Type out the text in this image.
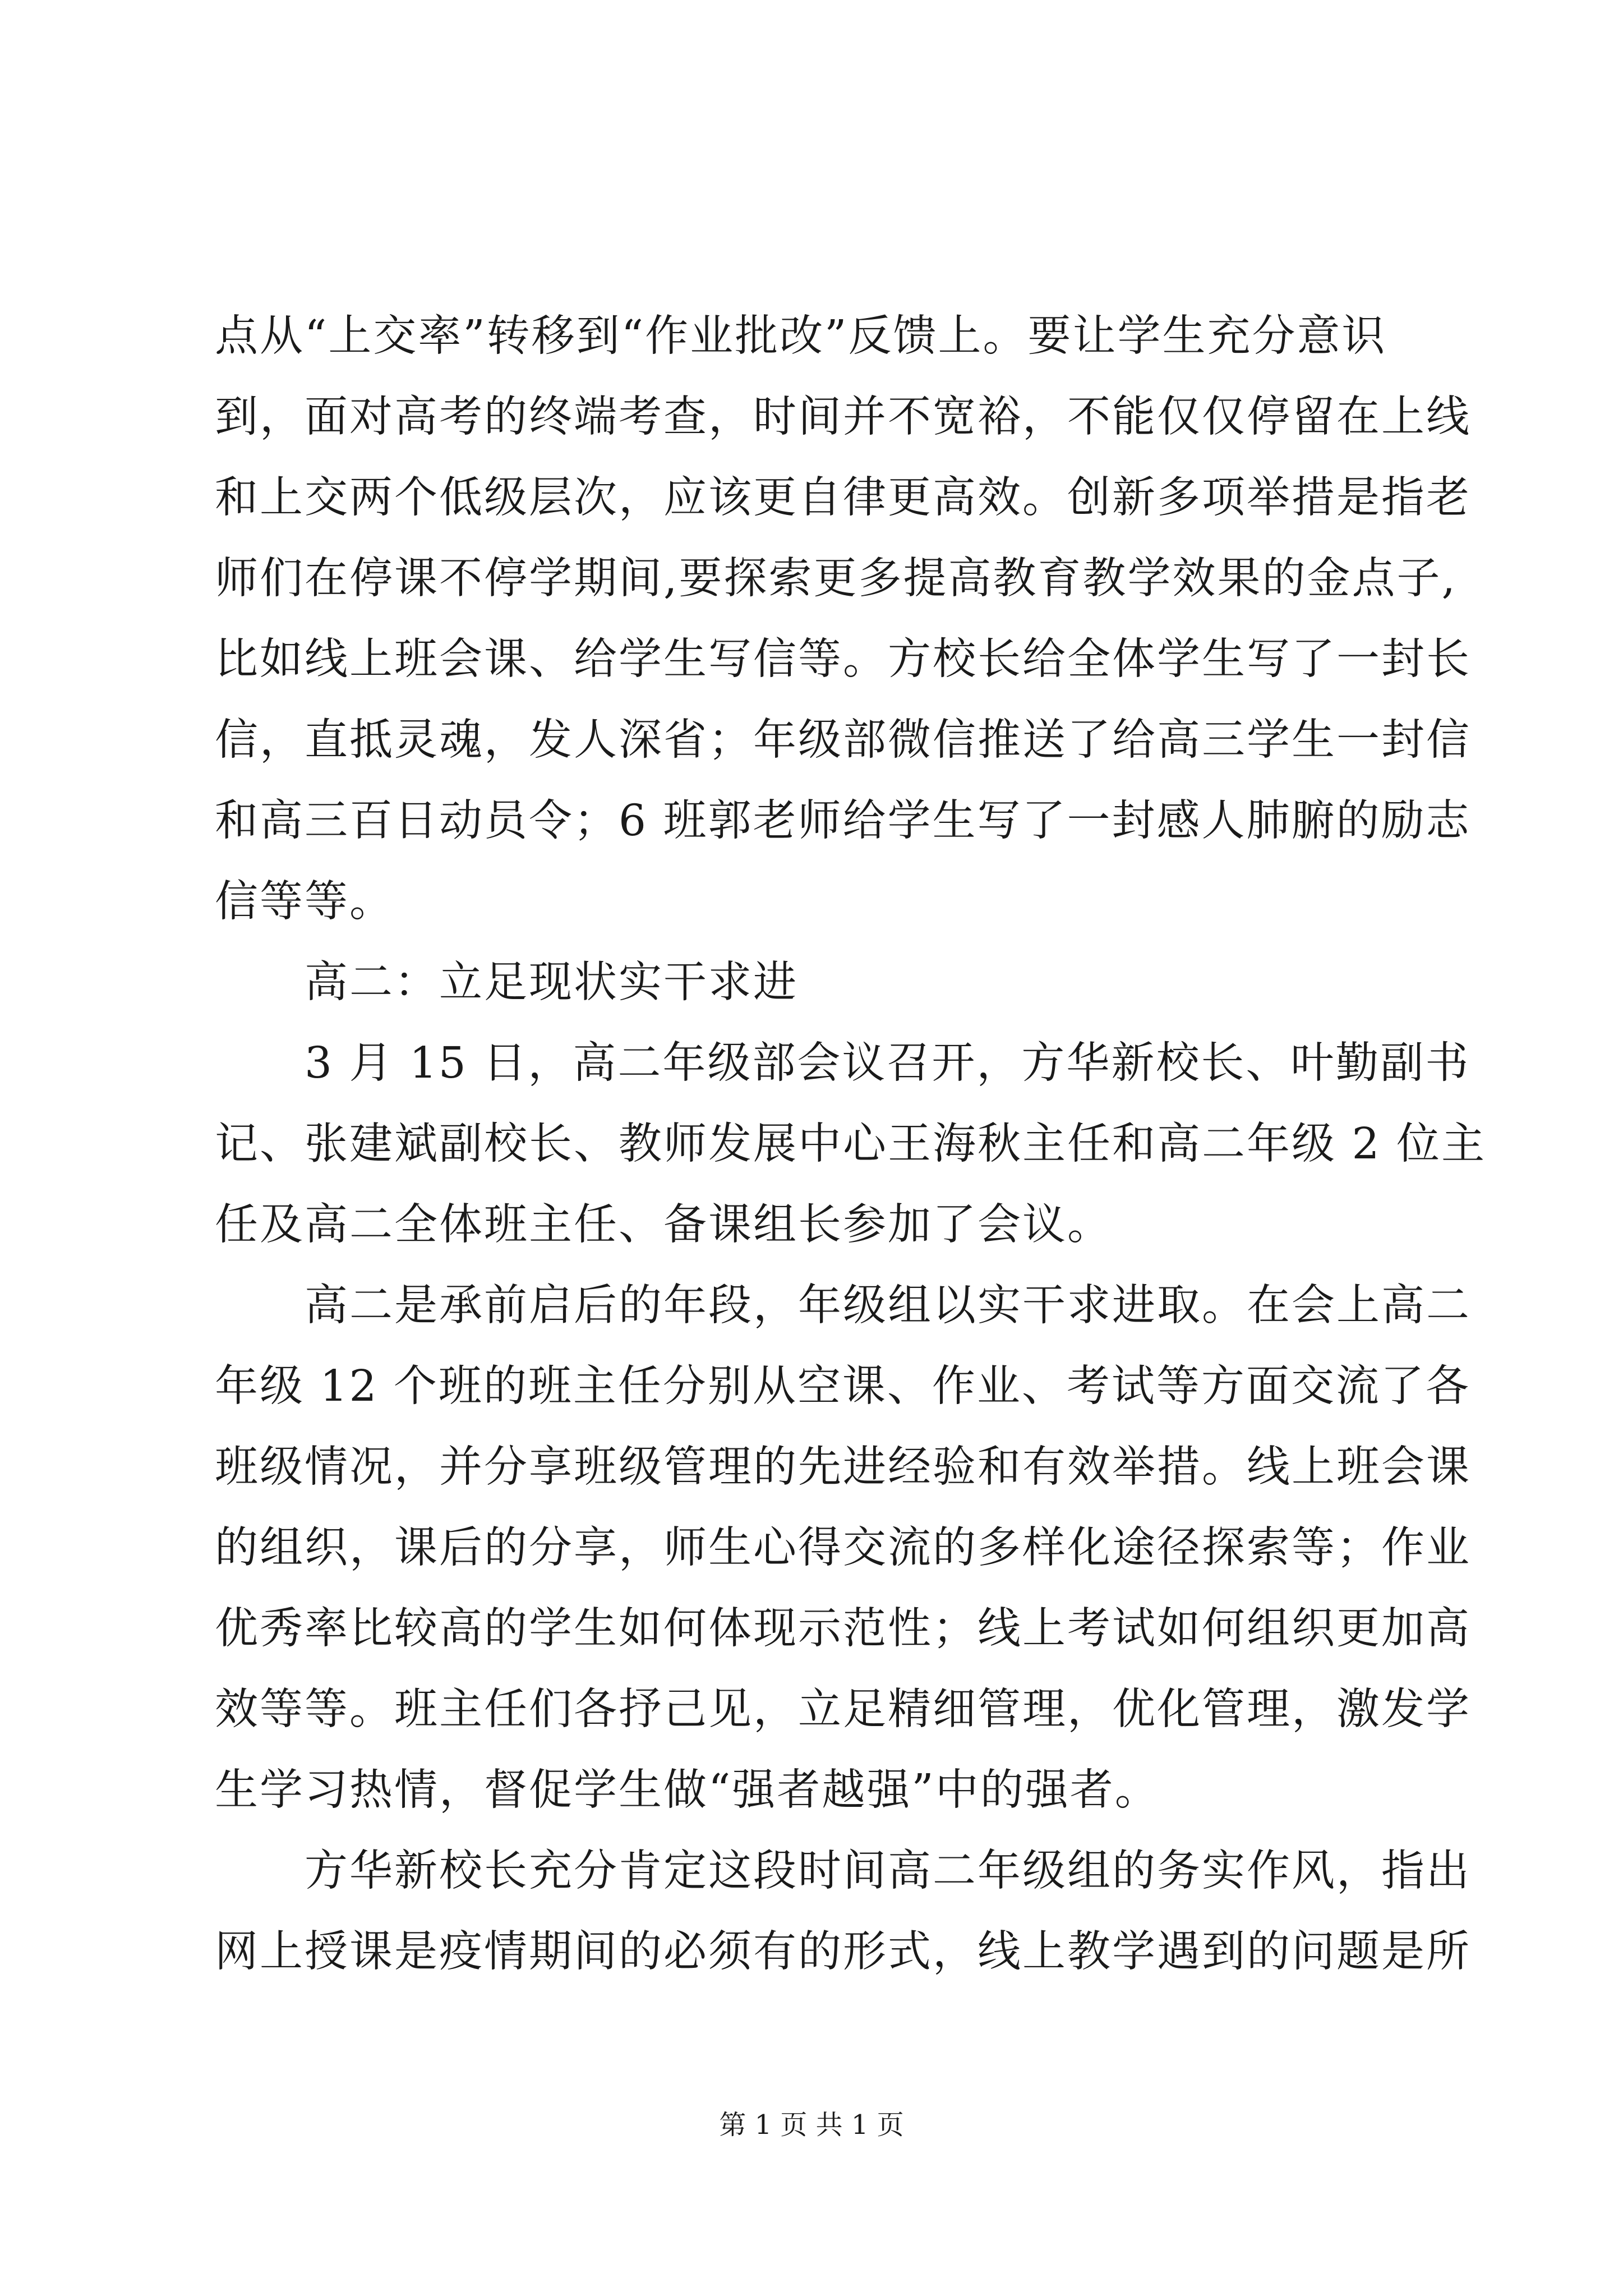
点从“上交率”转移到“作业批改”反馈上。要让学生充分意识
到，面对高考的终端考查，时间并不宽裕，不能仅仅停留在上线
和上交两个低级层次，应该更自律更高效。创新多项举措是指老
师们在停课不停学期间,要探索更多提高教育教学效果的金点子,
比如线上班会课、给学生写信等。方校长给全体学生写了一封长
信，直抵灵魂，发人深省；年级部微信推送了给高三学生一封信
和高三百日动员令；6 班郭老师给学生写了一封感人肺腑的励志
信等等。
高二：立足现状实干求进
3 月 15 日，高二年级部会议召开，方华新校长、叶勤副书
记、张建斌副校长、教师发展中心王海秋主任和高二年级 2 位主
任及高二全体班主任、备课组长参加了会议。
高二是承前启后的年段，年级组以实干求进取。在会上高二
年级 12 个班的班主任分别从空课、作业、考试等方面交流了各
班级情况，并分享班级管理的先进经验和有效举措。线上班会课
的组织，课后的分享，师生心得交流的多样化途径探索等；作业
优秀率比较高的学生如何体现示范性；线上考试如何组织更加高
效等等。班主任们各抒己见，立足精细管理，优化管理，激发学
生学习热情，督促学生做“强者越强”中的强者。
方华新校长充分肯定这段时间高二年级组的务实作风，指出
网上授课是疫情期间的必须有的形式，线上教学遇到的问题是所
第 1 页 共 1 页
